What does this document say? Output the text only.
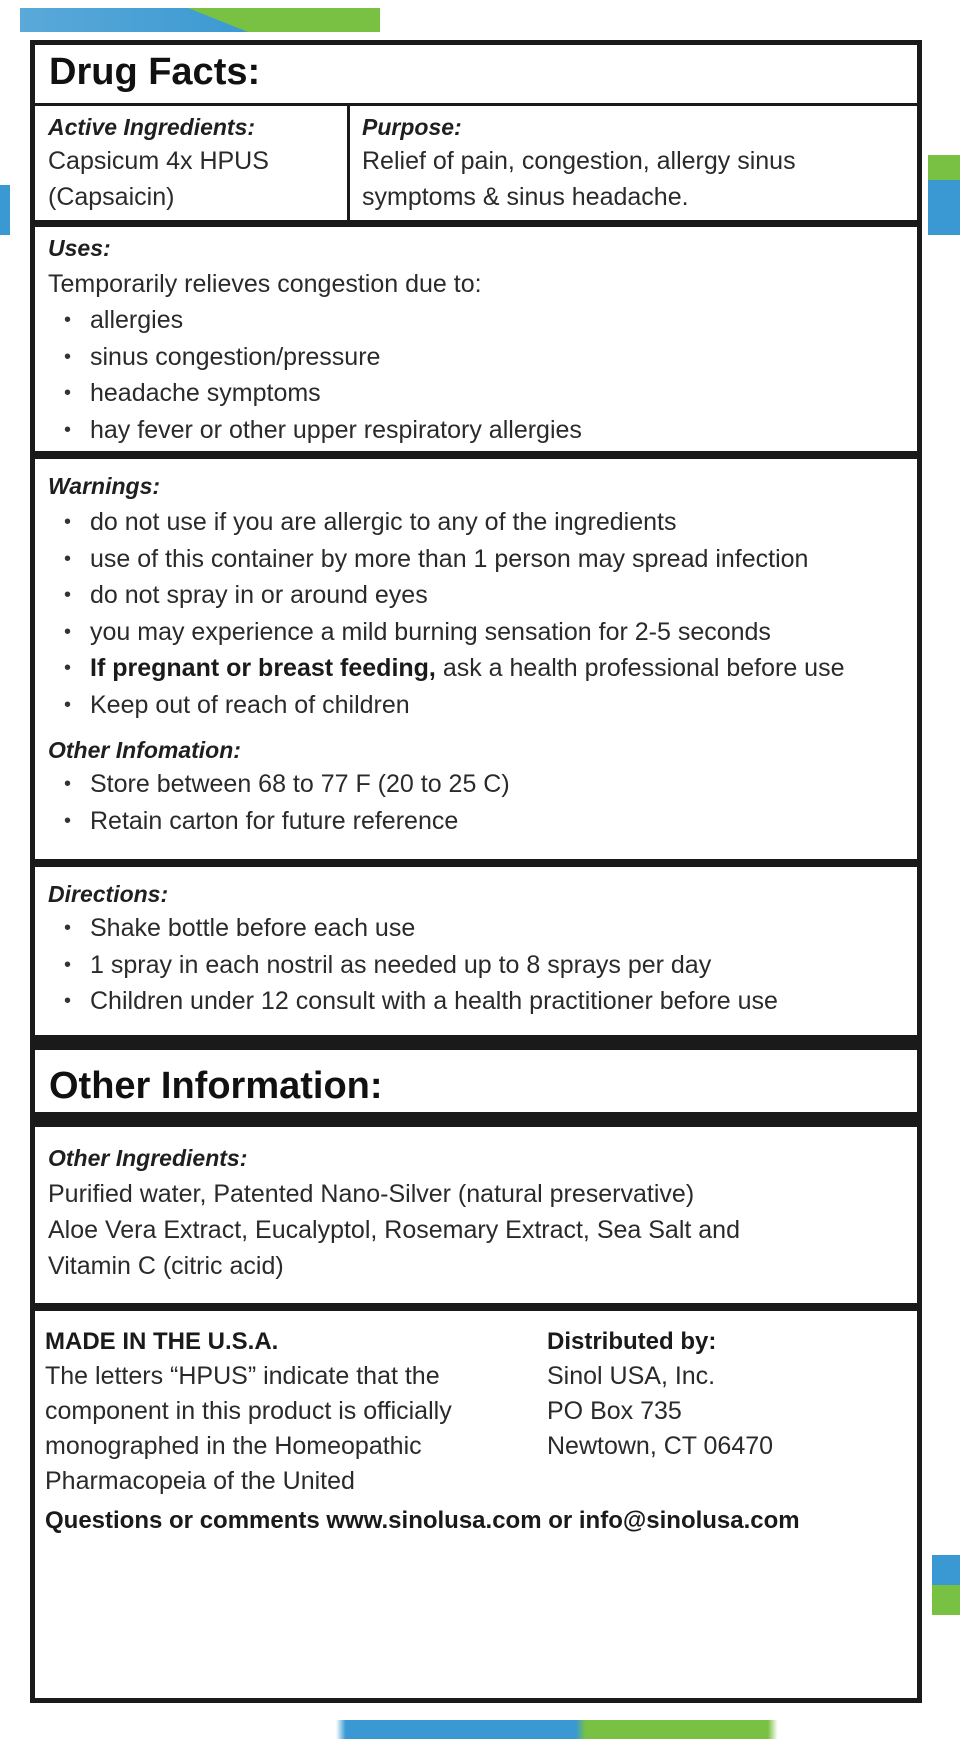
Drug Facts:
Active Ingredients:
Capsicum 4x HPUS
(Capsaicin)
Purpose:
Relief of pain, congestion, allergy sinus
symptoms & sinus headache.
Uses:
Temporarily relieves congestion due to:
• allergies
• sinus congestion/pressure
• headache symptoms
• hay fever or other upper respiratory allergies
Warnings:
• do not use if you are allergic to any of the ingredients
• use of this container by more than 1 person may spread infection
• do not spray in or around eyes
• you may experience a mild burning sensation for 2-5 seconds
• If pregnant or breast feeding, ask a health professional before use
• Keep out of reach of children
Other Infomation:
• Store between 68 to 77 F (20 to 25 C)
• Retain carton for future reference
Directions:
• Shake bottle before each use
• 1 spray in each nostril as needed up to 8 sprays per day
• Children under 12 consult with a health practitioner before use
Other Information:
Other Ingredients:
Purified water, Patented Nano-Silver (natural preservative)
Aloe Vera Extract, Eucalyptol, Rosemary Extract, Sea Salt and
Vitamin C (citric acid)
MADE IN THE U.S.A.
The letters “HPUS” indicate that the
component in this product is officially
monographed in the Homeopathic
Pharmacopeia of the United
Distributed by:
Sinol USA, Inc.
PO Box 735
Newtown, CT 06470
Questions or comments www.sinolusa.com or info@sinolusa.com
